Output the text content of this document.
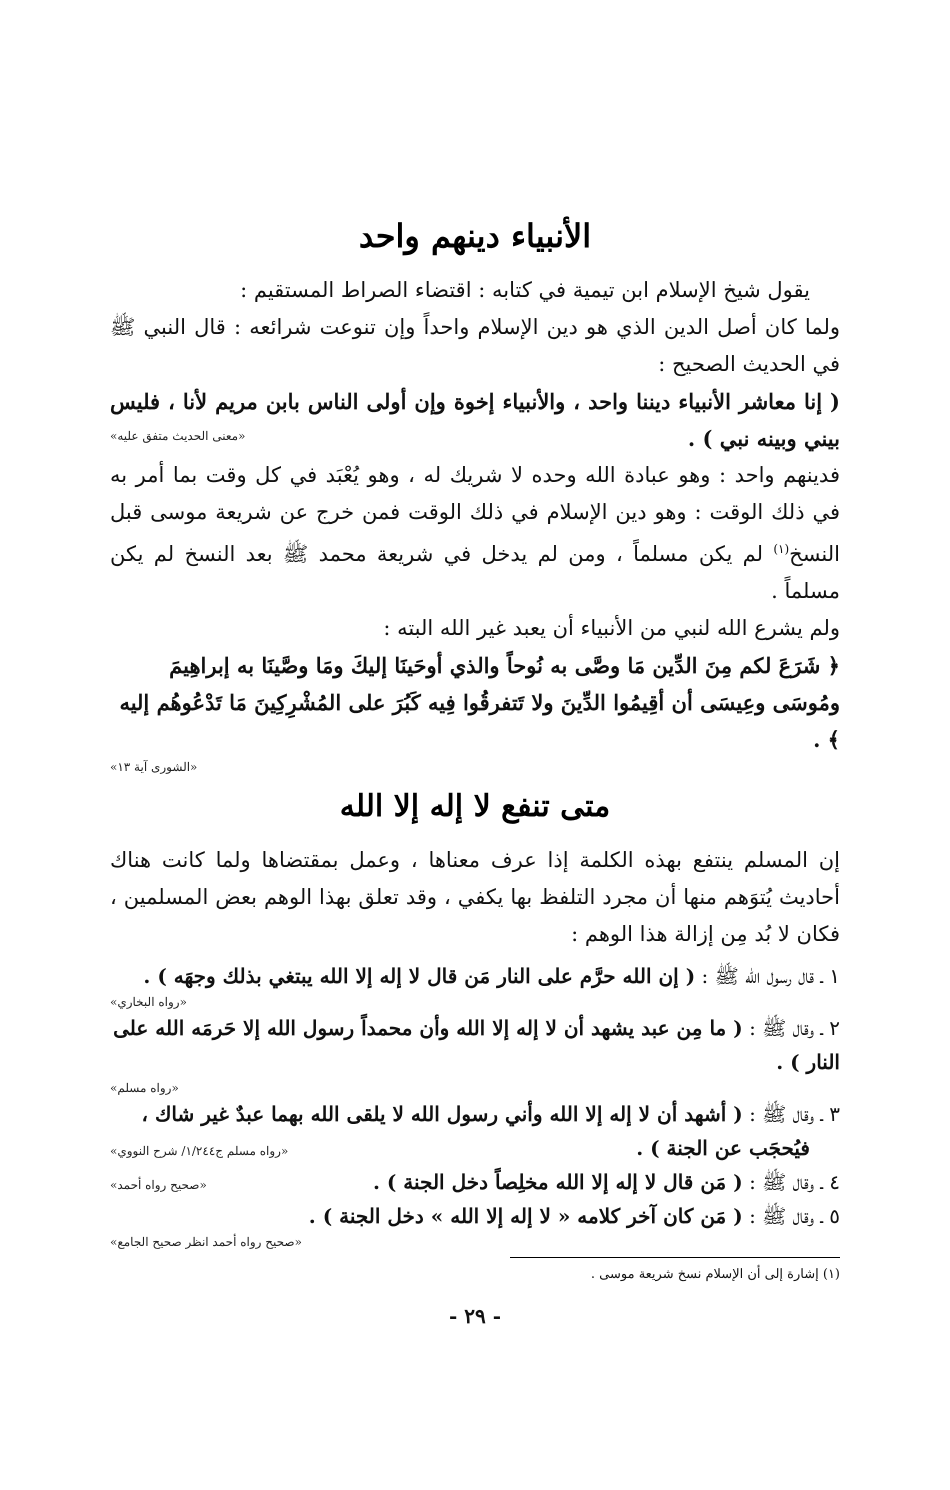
الأنبياء دينهم واحد

يقول شيخ الإسلام ابن تيمية في كتابه : اقتضاء الصراط المستقيم :

ولما كان أصل الدين الذي هو دين الإسلام واحداً وإن تنوعت شرائعه : قال النبي ﷺ في الحديث الصحيح :

( إنا معاشر الأنبياء ديننا واحد ، والأنبياء إخوة وإن أولى الناس بابن مريم لأنا ، فليس بيني وبينه نبي ) .

«معنى الحديث متفق عليه»

فدينهم واحد : وهو عبادة الله وحده لا شريك له ، وهو يُعْبَد في كل وقت بما أمر به في ذلك الوقت : وهو دين الإسلام في ذلك الوقت فمن خرج عن شريعة موسى قبل النسخ$^{(١)}$ لم يكن مسلماً ، ومن لم يدخل في شريعة محمد ﷺ بعد النسخ لم يكن مسلماً .

ولم يشرع الله لنبي من الأنبياء أن يعبد غير الله البته :

﴿ شَرَعَ لكم مِنَ الدِّين مَا وصَّى به نُوحاً والذي أوحَينَا إليكَ ومَا وصَّينَا به إبراهِيمَ ومُوسَى وعِيسَى أن أقِيمُوا الدِّينَ ولا تَتفرقُوا فِيه كَبُرَ على المُشْرِكِينَ مَا تَدْعُوهُم إليه ﴾ .

«الشورى آية ١٣»
متى تنفع لا إله إلا الله

إن المسلم ينتفع بهذه الكلمة إذا عرف معناها ، وعمل بمقتضاها ولما كانت هناك أحاديث يُتوَهم منها أن مجرد التلفظ بها يكفي ، وقد تعلق بهذا الوهم بعض المسلمين ، فكان لا بُد مِن إزالة هذا الوهم :

١ ـ قال رسول الله ﷺ : ( إن الله حرَّم على النار مَن قال لا إله إلا الله يبتغي بذلك وجهَه ) .
«رواه البخاري»
٢ ـ وقال ﷺ : ( ما مِن عبد يشهد أن لا إله إلا الله وأن محمداً رسول الله إلا حَرمَه الله على النار ) .
«رواه مسلم»
٣ ـ وقال ﷺ : ( أشهد أن لا إله إلا الله وأني رسول الله لا يلقى الله بهما عبدٌ غير شاك ،
فيُحجَب عن الجنة ) .
«رواه مسلم ج١/٢٤٤/ شرح النووي»
٤ ـ وقال ﷺ : ( مَن قال لا إله إلا الله مخلِصاً دخل الجنة ) .
«صحيح رواه أحمد»
٥ ـ وقال ﷺ : ( مَن كان آخر كلامه « لا إله إلا الله » دخل الجنة ) .
«صحيح رواه أحمد انظر صحيح الجامع»

(١) إشارة إلى أن الإسلام نسخ شريعة موسى .

- ٢٩ -
